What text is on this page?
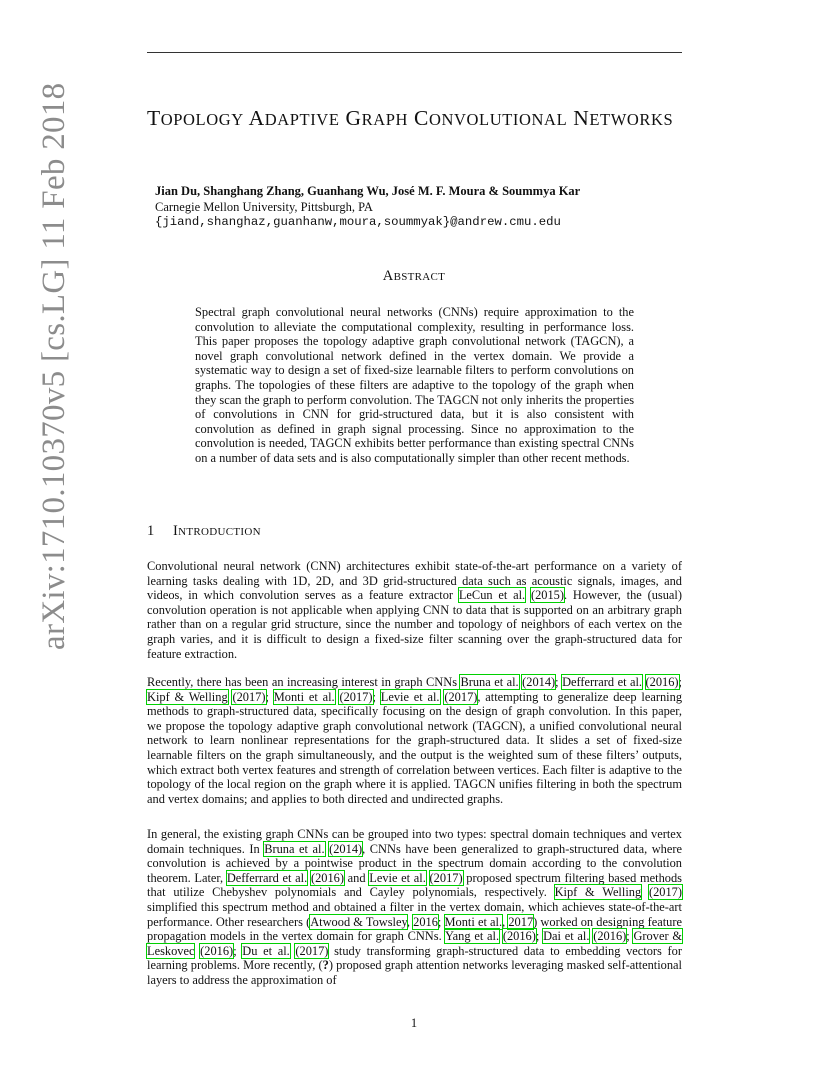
arXiv:1710.10370v5 [cs.LG] 11 Feb 2018	TOPOLOGY ADAPTIVE GRAPH CONVOLUTIONAL NETWORKS
Jian Du, Shanghang Zhang, Guanhang Wu, José M. F. Moura & Soummya Kar
Carnegie Mellon University, Pittsburgh, PA
{jiand,shanghaz,guanhanw,moura,soummyak}@andrew.cmu.edu
ABSTRACT
Spectral graph convolutional neural networks (CNNs) require approximation to the convolution to alleviate the computational complexity, resulting in performance loss. This paper proposes the topology adaptive graph convolutional network (TAGCN), a novel graph convolutional network defined in the vertex domain. We provide a systematic way to design a set of fixed-size learnable filters to perform convolutions on graphs. The topologies of these filters are adaptive to the topology of the graph when they scan the graph to perform convolution. The TAGCN not only inherits the properties of convolutions in CNN for grid-structured data, but it is also consistent with convolution as defined in graph signal processing. Since no approximation to the convolution is needed, TAGCN exhibits better performance than existing spectral CNNs on a number of data sets and is also computationally simpler than other recent methods.
1 INTRODUCTION
Convolutional neural network (CNN) architectures exhibit state-of-the-art performance on a variety of learning tasks dealing with 1D, 2D, and 3D grid-structured data such as acoustic signals, images, and videos, in which convolution serves as a feature extractor LeCun et al. (2015). However, the (usual) convolution operation is not applicable when applying CNN to data that is supported on an arbitrary graph rather than on a regular grid structure, since the number and topology of neighbors of each vertex on the graph varies, and it is difficult to design a fixed-size filter scanning over the graph-structured data for feature extraction.
Recently, there has been an increasing interest in graph CNNs Bruna et al. (2014); Defferrard et al. (2016); Kipf & Welling (2017); Monti et al. (2017); Levie et al. (2017), attempting to generalize deep learning methods to graph-structured data, specifically focusing on the design of graph convolution. In this paper, we propose the topology adaptive graph convolutional network (TAGCN), a unified convolutional neural network to learn nonlinear representations for the graph-structured data. It slides a set of fixed-size learnable filters on the graph simultaneously, and the output is the weighted sum of these filters’ outputs, which extract both vertex features and strength of correlation between vertices. Each filter is adaptive to the topology of the local region on the graph where it is applied. TAGCN unifies filtering in both the spectrum and vertex domains; and applies to both directed and undirected graphs.
In general, the existing graph CNNs can be grouped into two types: spectral domain techniques and vertex domain techniques. In Bruna et al. (2014), CNNs have been generalized to graph-structured data, where convolution is achieved by a pointwise product in the spectrum domain according to the convolution theorem. Later, Defferrard et al. (2016) and Levie et al. (2017) proposed spectrum filtering based methods that utilize Chebyshev polynomials and Cayley polynomials, respectively. Kipf & Welling (2017) simplified this spectrum method and obtained a filter in the vertex domain, which achieves state-of-the-art performance. Other researchers (Atwood & Towsley, 2016; Monti et al., 2017) worked on designing feature propagation models in the vertex domain for graph CNNs. Yang et al. (2016); Dai et al. (2016); Grover & Leskovec (2016); Du et al. (2017) study transforming graph-structured data to embedding vectors for learning problems. More recently, (?) proposed graph attention networks leveraging masked self-attentional layers to address the approximation of
1
